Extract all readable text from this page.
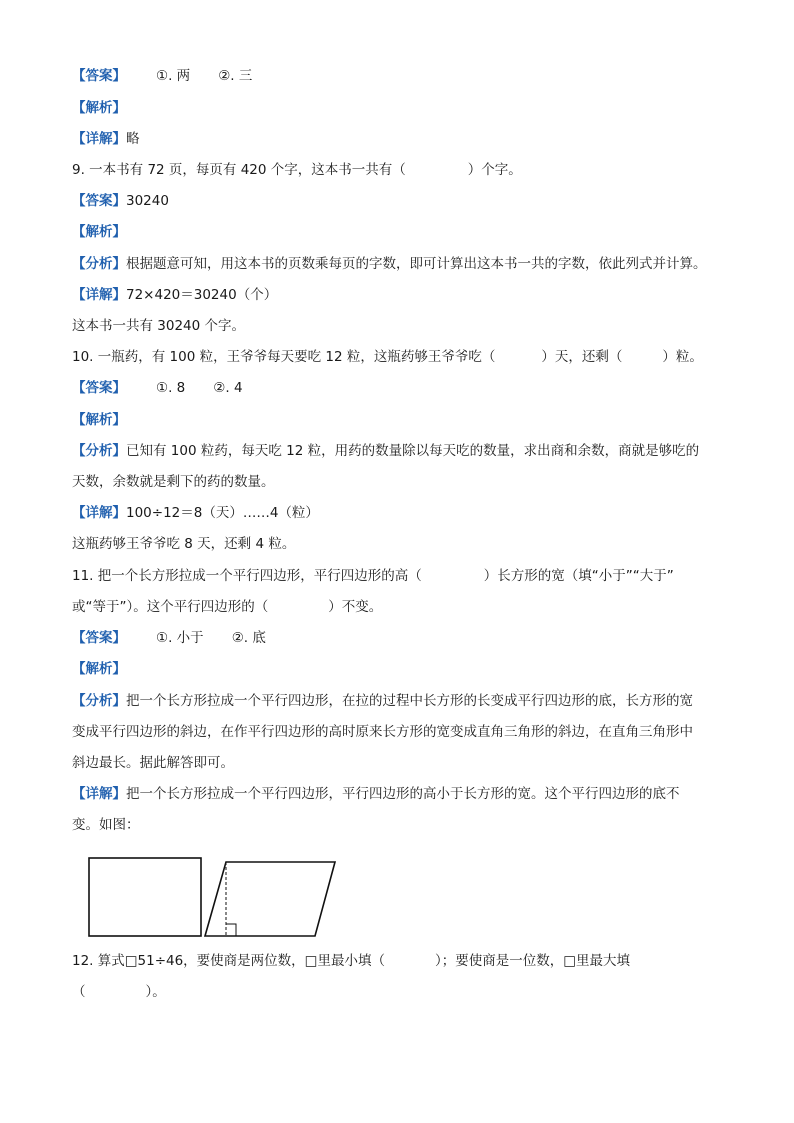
【答案】 ①. 两 ②. 三
【解析】
【详解】略
9. 一本书有 72 页，每页有 420 个字，这本书一共有（	）个字。
【答案】30240
【解析】
【分析】根据题意可知，用这本书的页数乘每页的字数，即可计算出这本书一共的字数，依此列式并计算。
【详解】72×420＝30240（个）
这本书一共有 30240 个字。
10. 一瓶药，有 100 粒，王爷爷每天要吃 12 粒，这瓶药够王爷爷吃（	）天，还剩（	）粒。
【答案】 ①. 8 ②. 4
【解析】
【分析】已知有 100 粒药，每天吃 12 粒，用药的数量除以每天吃的数量，求出商和余数，商就是够吃的
天数，余数就是剩下的药的数量。
【详解】100÷12＝8（天）……4（粒）
这瓶药够王爷爷吃 8 天，还剩 4 粒。
11. 把一个长方形拉成一个平行四边形，平行四边形的高（	）长方形的宽（填“小于”“大于”
或“等于”）。这个平行四边形的（	）不变。
【答案】 ①. 小于 ②. 底
【解析】
【分析】把一个长方形拉成一个平行四边形，在拉的过程中长方形的长变成平行四边形的底，长方形的宽
变成平行四边形的斜边，在作平行四边形的高时原来长方形的宽变成直角三角形的斜边，在直角三角形中
斜边最长。据此解答即可。
【详解】把一个长方形拉成一个平行四边形，平行四边形的高小于长方形的宽。这个平行四边形的底不
变。如图：
12. 算式□51÷46，要使商是两位数，□里最小填（	）；要使商是一位数，□里最大填
（	）。
